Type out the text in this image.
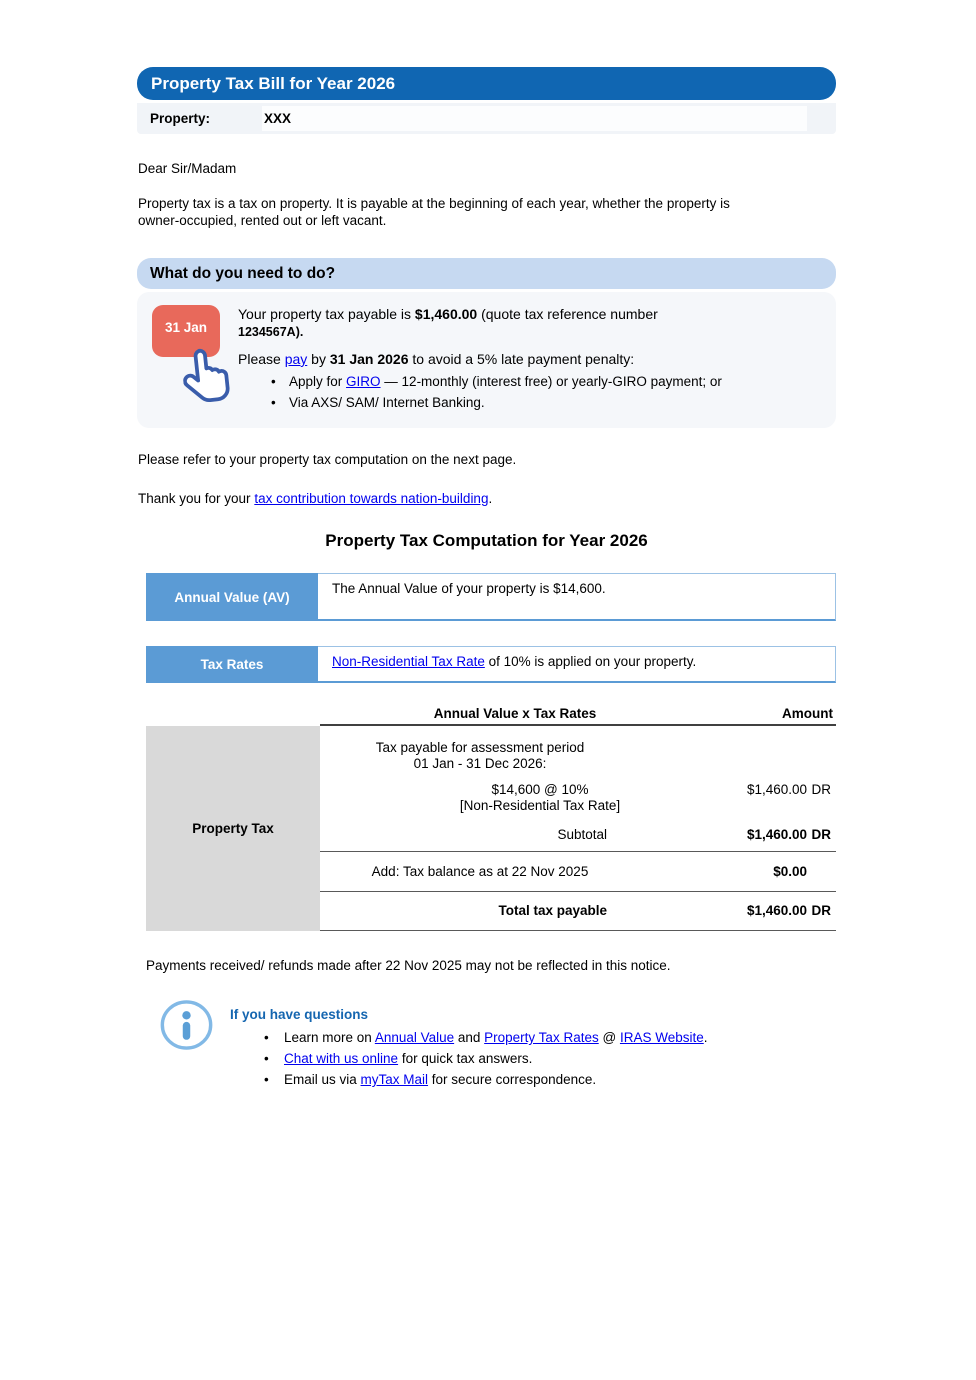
Property Tax Bill for Year 2026
Property:	XXX

Dear Sir/Madam

Property tax is a tax on property. It is payable at the beginning of each year, whether the property is
owner-occupied, rented out or left vacant.

What do you need to do?
31 Jan

Your property tax payable is $1,460.00 (quote tax reference number
1234567A).

Please pay by 31 Jan 2026 to avoid a 5% late payment penalty:

• Apply for GIRO — 12-monthly (interest free) or yearly-GIRO payment; or
• Via AXS/ SAM/ Internet Banking.

Please refer to your property tax computation on the next page.

Thank you for your tax contribution towards nation-building.

Property Tax Computation for Year 2026
Annual Value (AV)
The Annual Value of your property is $14,600.
Tax Rates	Non-Residential Tax Rate of 10% is applied on your property.
Annual Value x Tax Rates	Amount
Property Tax
Tax payable for assessment period
01 Jan - 31 Dec 2026:
$14,600 @ 10%
[Non-Residential Tax Rate]
$1,460.00 DR
Subtotal	$1,460.00 DR
Add: Tax balance as at 22 Nov 2025	$0.00
Total tax payable	$1,460.00 DR

Payments received/ refunds made after 22 Nov 2025 may not be reflected in this notice.

If you have questions
• Learn more on Annual Value and Property Tax Rates @ IRAS Website.
• Chat with us online for quick tax answers.
• Email us via myTax Mail for secure correspondence.
